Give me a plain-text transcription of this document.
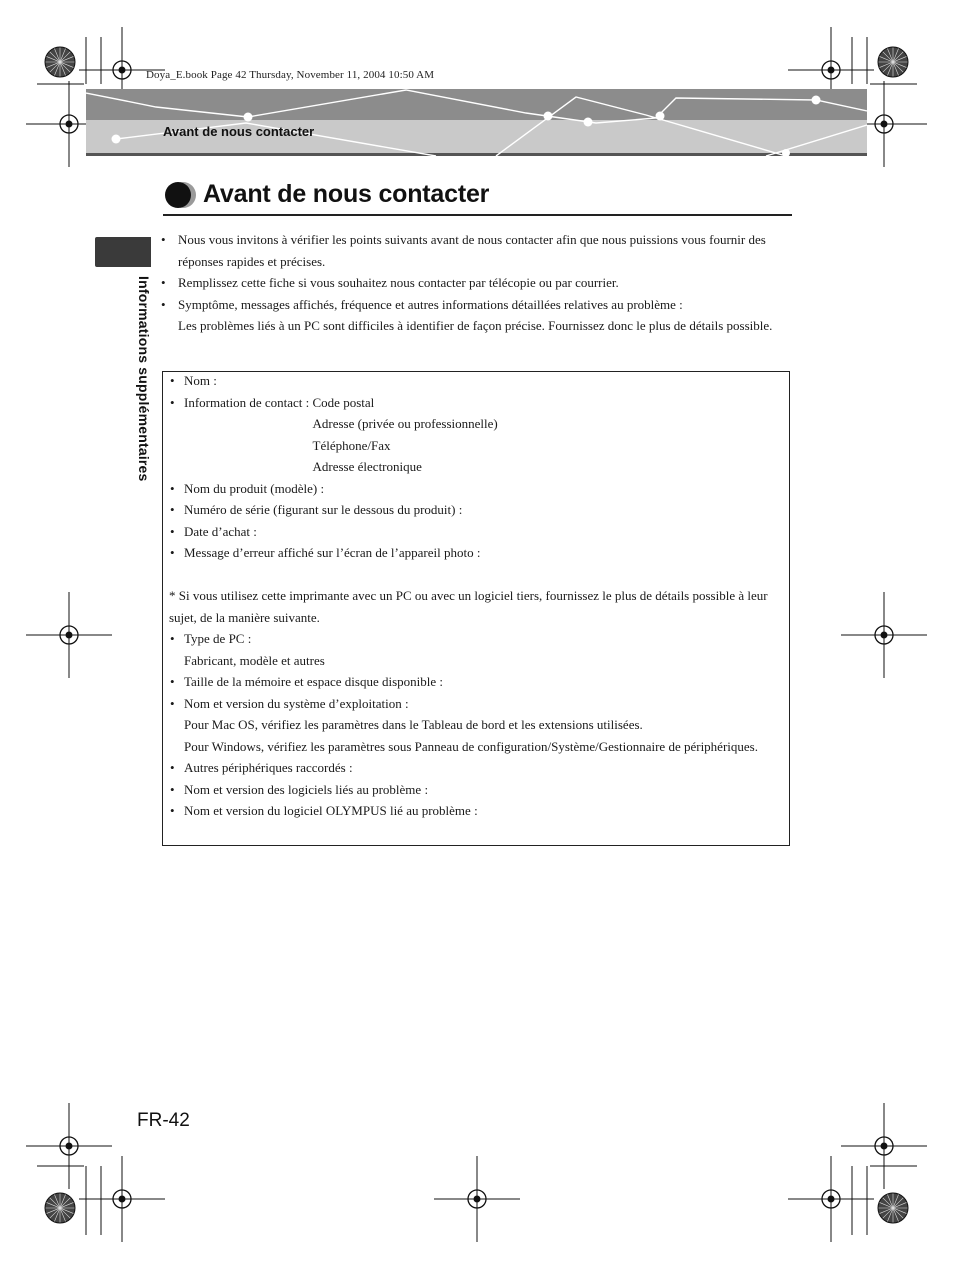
Doya_E.book Page 42 Thursday, November 11, 2004 10:50 AM
Avant de nous contacter
Avant de nous contacter
Informations supplémentaires
• Nous vous invitons à vérifier les points suivants avant de nous contacter afin que nous puissions vous fournir des réponses rapides et précises.
• Remplissez cette fiche si vous souhaitez nous contacter par télécopie ou par courrier.
• Symptôme, messages affichés, fréquence et autres informations détaillées relatives au problème :
Les problèmes liés à un PC sont difficiles à identifier de façon précise. Fournissez donc le plus de détails possible.
• Nom :
• Information de contact : Code postal
Adresse (privée ou professionnelle)
Téléphone/Fax
Adresse électronique
• Nom du produit (modèle) :
• Numéro de série (figurant sur le dessous du produit) :
• Date d’achat :
• Message d’erreur affiché sur l’écran de l’appareil photo :
* Si vous utilisez cette imprimante avec un PC ou avec un logiciel tiers, fournissez le plus de détails possible à leur sujet, de la manière suivante.
• Type de PC :
Fabricant, modèle et autres
• Taille de la mémoire et espace disque disponible :
• Nom et version du système d’exploitation :
Pour Mac OS, vérifiez les paramètres dans le Tableau de bord et les extensions utilisées.
Pour Windows, vérifiez les paramètres sous Panneau de configuration/Système/Gestionnaire de périphériques.
• Autres périphériques raccordés :
• Nom et version des logiciels liés au problème :
• Nom et version du logiciel OLYMPUS lié au problème :
FR-42
